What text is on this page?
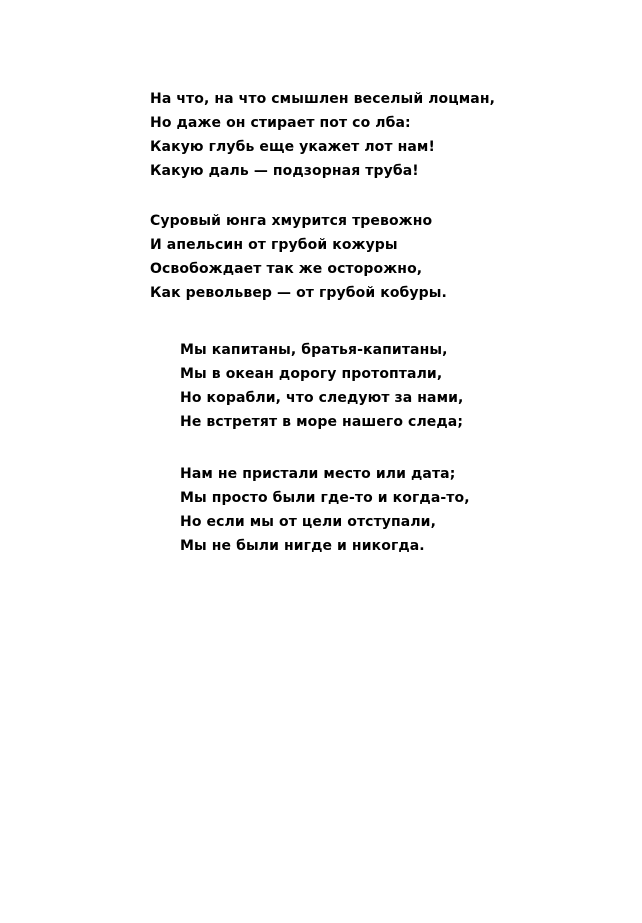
На что, на что смышлен веселый лоцман,
Но даже он стирает пот со лба:
Какую глубь еще укажет лот нам!
Какую даль — подзорная труба!
Суровый юнга хмурится тревожно
И апельсин от грубой кожуры
Освобождает так же осторожно,
Как револьвер — от грубой кобуры.
Мы капитаны, братья-капитаны,
Мы в океан дорогу протоптали,
Но корабли, что следуют за нами,
Не встретят в море нашего следа;
Нам не пристали место или дата;
Мы просто были где-то и когда-то,
Но если мы от цели отступали,
Мы не были нигде и никогда.
